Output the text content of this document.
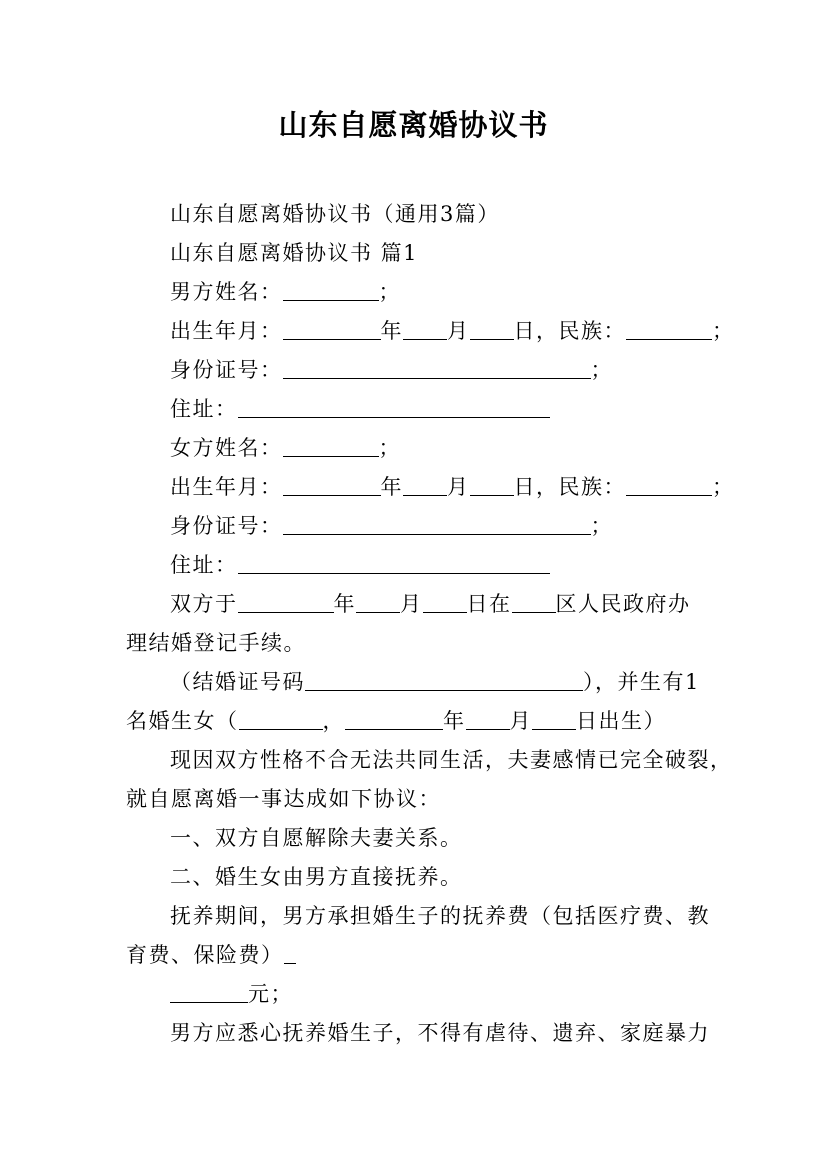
山东自愿离婚协议书
山东自愿离婚协议书（通用3篇）
山东自愿离婚协议书 篇1
男方姓名：	；
出生年月：	年 月 日，民族：	；
身份证号：	；
住址：
女方姓名：	；
出生年月：	年 月 日，民族：	；
身份证号：	；
住址：
双方于	年 月 日在 区人民政府办
理结婚登记手续。
（结婚证号码	），并生有1
名婚生女（	，	年 月 日出生）
现因双方性格不合无法共同生活，夫妻感情已完全破裂，
就自愿离婚一事达成如下协议：
一、双方自愿解除夫妻关系。
二、婚生女由男方直接抚养。
抚养期间，男方承担婚生子的抚养费（包括医疗费、教
育费、保险费）
元；
男方应悉心抚养婚生子，不得有虐待、遗弃、家庭暴力
